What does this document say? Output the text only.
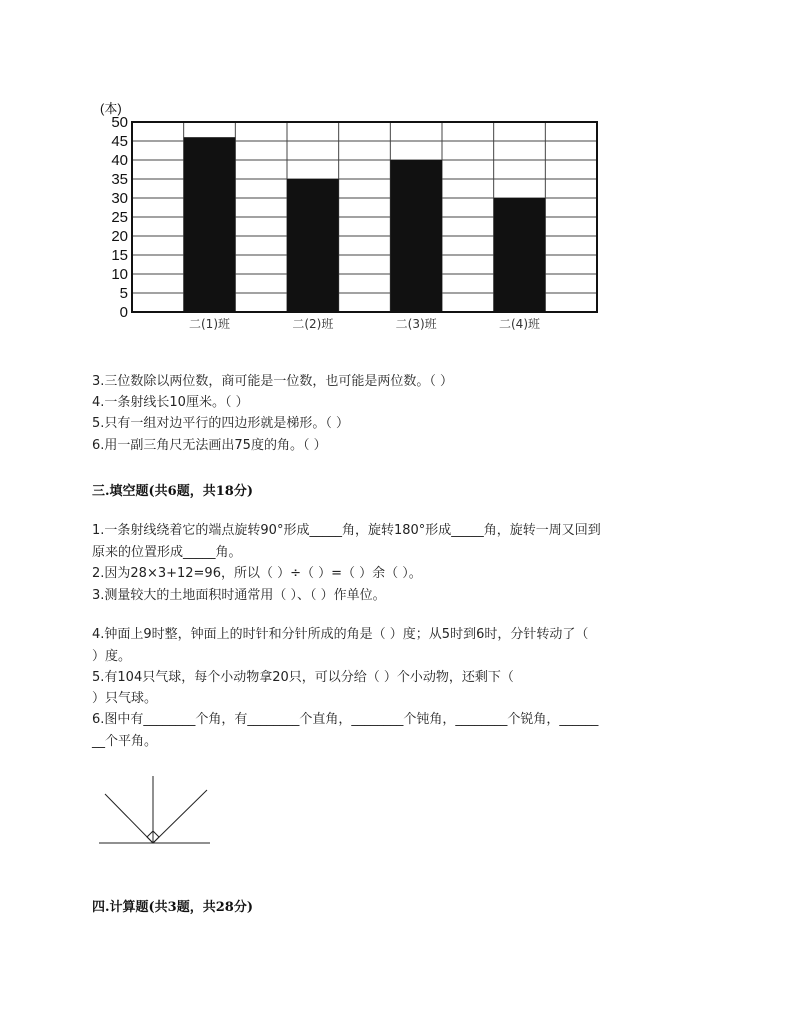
(本)
0
5
10
15
20
25
30
35
40
45
50
二(1)班	二(2)班	二(3)班	二(4)班
3.三位数除以两位数，商可能是一位数，也可能是两位数。（ ）
4.一条射线长10厘米。（ ）
5.只有一组对边平行的四边形就是梯形。（ ）
6.用一副三角尺无法画出75度的角。（ ）
三.填空题(共6题，共18分)
1.一条射线绕着它的端点旋转90°形成_____角，旋转180°形成_____角，旋转一周又回到
原来的位置形成_____角。
2.因为28×3+12=96，所以（ ）÷（ ）=（ ）余（ ）。
3.测量较大的土地面积时通常用（ ）、（ ）作单位。
4.钟面上9时整，钟面上的时针和分针所成的角是（ ）度；从5时到6时，分针转动了（
）度。
5.有104只气球，每个小动物拿20只，可以分给（ ）个小动物，还剩下（
）只气球。
6.图中有________个角，有________个直角，________个钝角，________个锐角，______
__个平角。
四.计算题(共3题，共28分)
